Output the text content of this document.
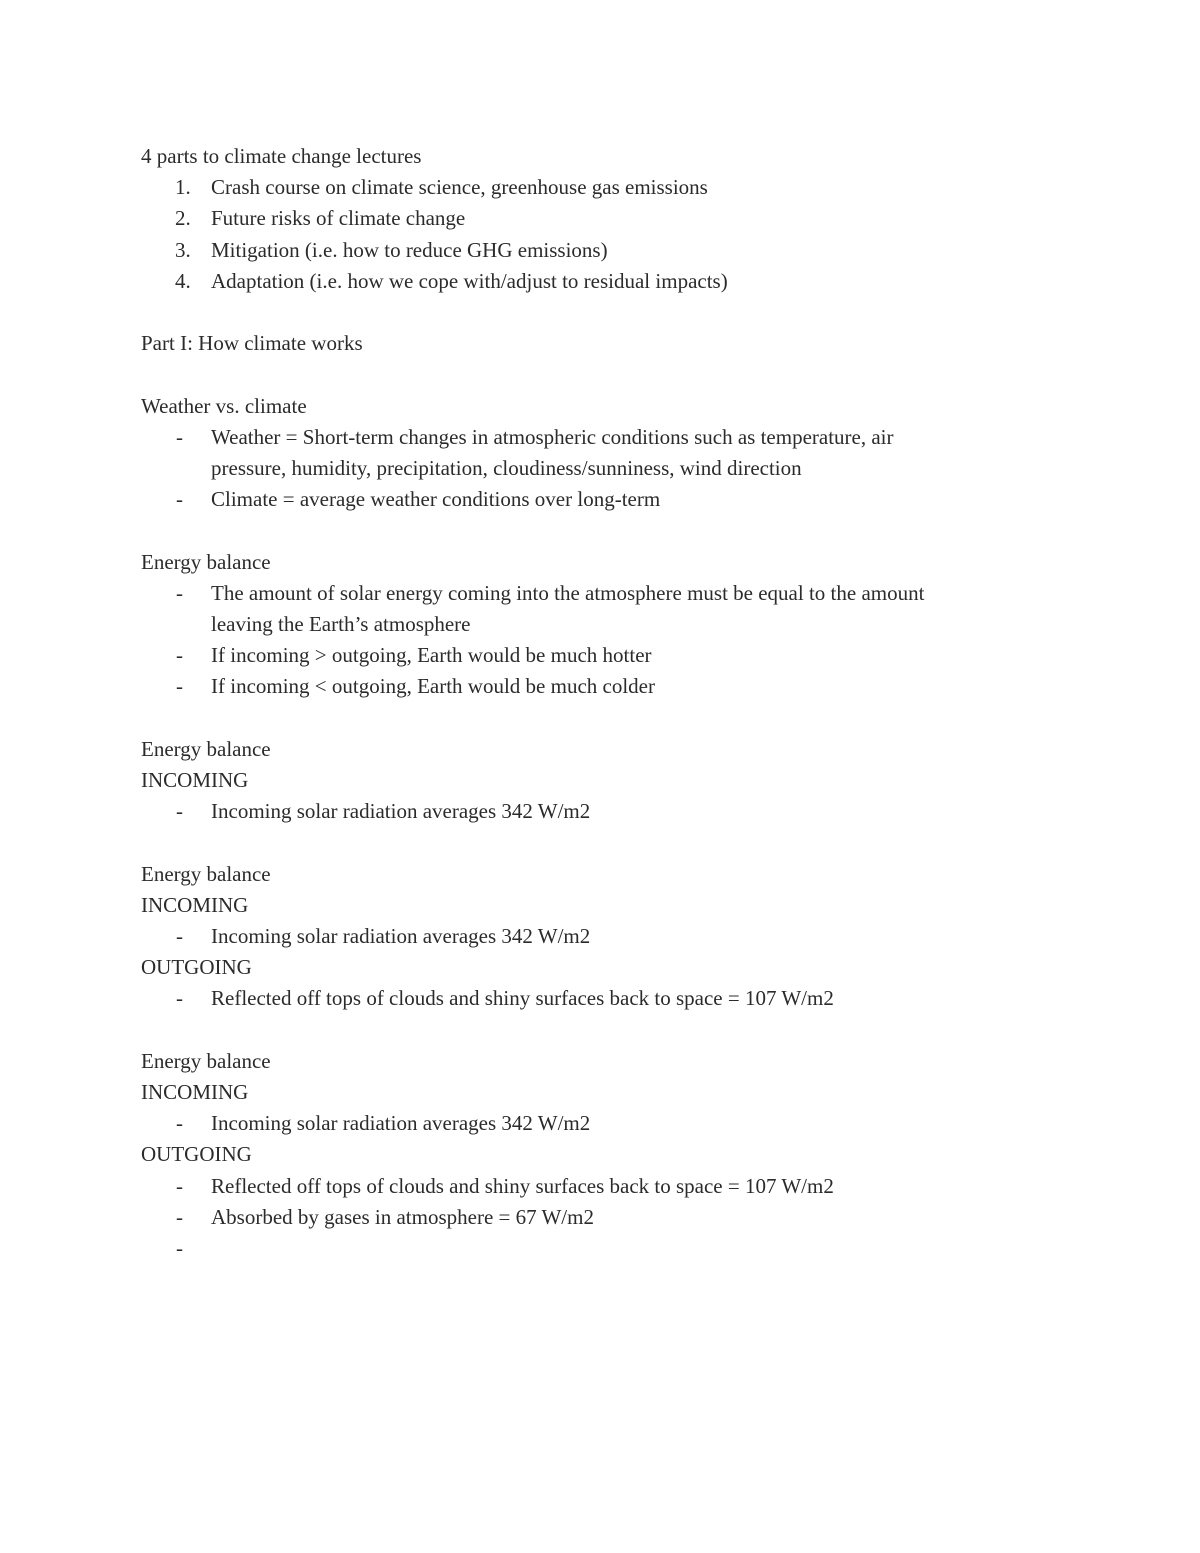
4 parts to climate change lectures

1. Crash course on climate science, greenhouse gas emissions
2. Future risks of climate change
3. Mitigation (i.e. how to reduce GHG emissions)
4. Adaptation (i.e. how we cope with/adjust to residual impacts)

Part I: How climate works

Weather vs. climate

- Weather = Short-term changes in atmospheric conditions such as temperature, air
pressure, humidity, precipitation, cloudiness/sunniness, wind direction
- Climate = average weather conditions over long-term

Energy balance

- The amount of solar energy coming into the atmosphere must be equal to the amount
leaving the Earth’s atmosphere
- If incoming > outgoing, Earth would be much hotter
- If incoming < outgoing, Earth would be much colder

Energy balance

INCOMING

- Incoming solar radiation averages 342 W/m2

Energy balance

INCOMING

- Incoming solar radiation averages 342 W/m2

OUTGOING

- Reflected off tops of clouds and shiny surfaces back to space = 107 W/m2

Energy balance

INCOMING

- Incoming solar radiation averages 342 W/m2

OUTGOING

- Reflected off tops of clouds and shiny surfaces back to space = 107 W/m2
- Absorbed by gases in atmosphere = 67 W/m2
-
